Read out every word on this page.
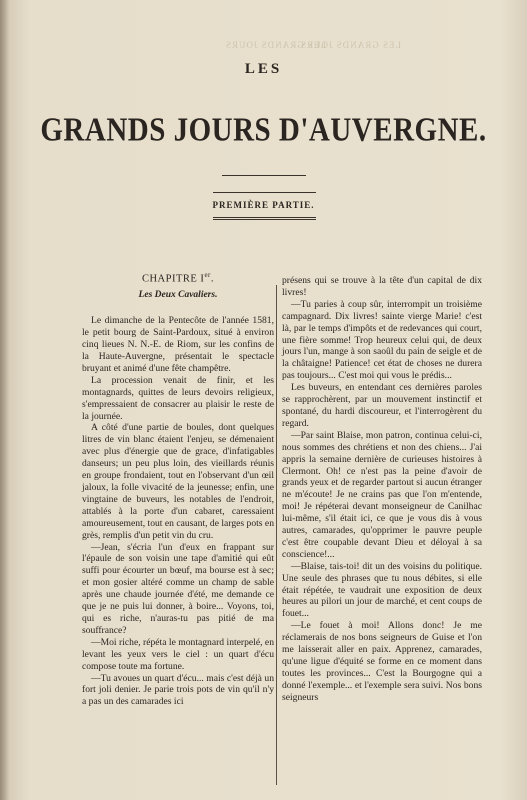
LES GRANDS JOURS
LES GRANDS JOURS
LES
GRANDS JOURS D'AUVERGNE.
PREMIÈRE PARTIE.
CHAPITRE Ier.
Les Deux Cavaliers.

Le dimanche de la Pentecôte de l'année 1581, le petit bourg de Saint-Pardoux, situé à environ cinq lieues N. N.-E. de Riom, sur les confins de la Haute-Auvergne, présentait le spectacle bruyant et animé d'une fête champêtre.

La procession venait de finir, et les montagnards, quittes de leurs devoirs religieux, s'empressaient de consacrer au plaisir le reste de la journée.

A côté d'une partie de boules, dont quelques litres de vin blanc étaient l'enjeu, se démenaient avec plus d'énergie que de grace, d'infatigables danseurs; un peu plus loin, des vieillards réunis en groupe frondaient, tout en l'observant d'un œil jaloux, la folle vivacité de la jeunesse; enfin, une vingtaine de buveurs, les notables de l'endroit, attablés à la porte d'un cabaret, caressaient amoureusement, tout en causant, de larges pots en grès, remplis d'un petit vin du cru.

—Jean, s'écria l'un d'eux en frappant sur l'épaule de son voisin une tape d'amitié qui eût suffi pour écourter un bœuf, ma bourse est à sec; et mon gosier altéré comme un champ de sable après une chaude journée d'été, me demande ce que je ne puis lui donner, à boire... Voyons, toi, qui es riche, n'auras-tu pas pitié de ma souffrance?

—Moi riche, répéta le montagnard interpelé, en levant les yeux vers le ciel : un quart d'écu compose toute ma fortune.

—Tu avoues un quart d'écu... mais c'est déjà un fort joli denier. Je parie trois pots de vin qu'il n'y a pas un des camarades ici

présens qui se trouve à la tête d'un capital de dix livres!

—Tu paries à coup sûr, interrompit un troisième campagnard. Dix livres! sainte vierge Marie! c'est là, par le temps d'impôts et de redevances qui court, une fière somme! Trop heureux celui qui, de deux jours l'un, mange à son saoûl du pain de seigle et de la châtaigne! Patience! cet état de choses ne durera pas toujours... C'est moi qui vous le prédis...

Les buveurs, en entendant ces dernières paroles se rapprochèrent, par un mouvement instinctif et spontané, du hardi discoureur, et l'interrogèrent du regard.

—Par saint Blaise, mon patron, continua celui-ci, nous sommes des chrétiens et non des chiens... J'ai appris la semaine dernière de curieuses histoires à Clermont. Oh! ce n'est pas la peine d'avoir de grands yeux et de regarder partout si aucun étranger ne m'écoute! Je ne crains pas que l'on m'entende, moi! Je répéterai devant monseigneur de Canilhac lui-même, s'il était ici, ce que je vous dis à vous autres, camarades, qu'opprimer le pauvre peuple c'est être coupable devant Dieu et déloyal à sa conscience!...

—Blaise, tais-toi! dit un des voisins du politique. Une seule des phrases que tu nous débites, si elle était répétée, te vaudrait une exposition de deux heures au pilori un jour de marché, et cent coups de fouet...

—Le fouet à moi! Allons donc! Je me réclamerais de nos bons seigneurs de Guise et l'on me laisserait aller en paix. Apprenez, camarades, qu'une ligue d'équité se forme en ce moment dans toutes les provinces... C'est la Bourgogne qui a donné l'exemple... et l'exemple sera suivi. Nos bons seigneurs
